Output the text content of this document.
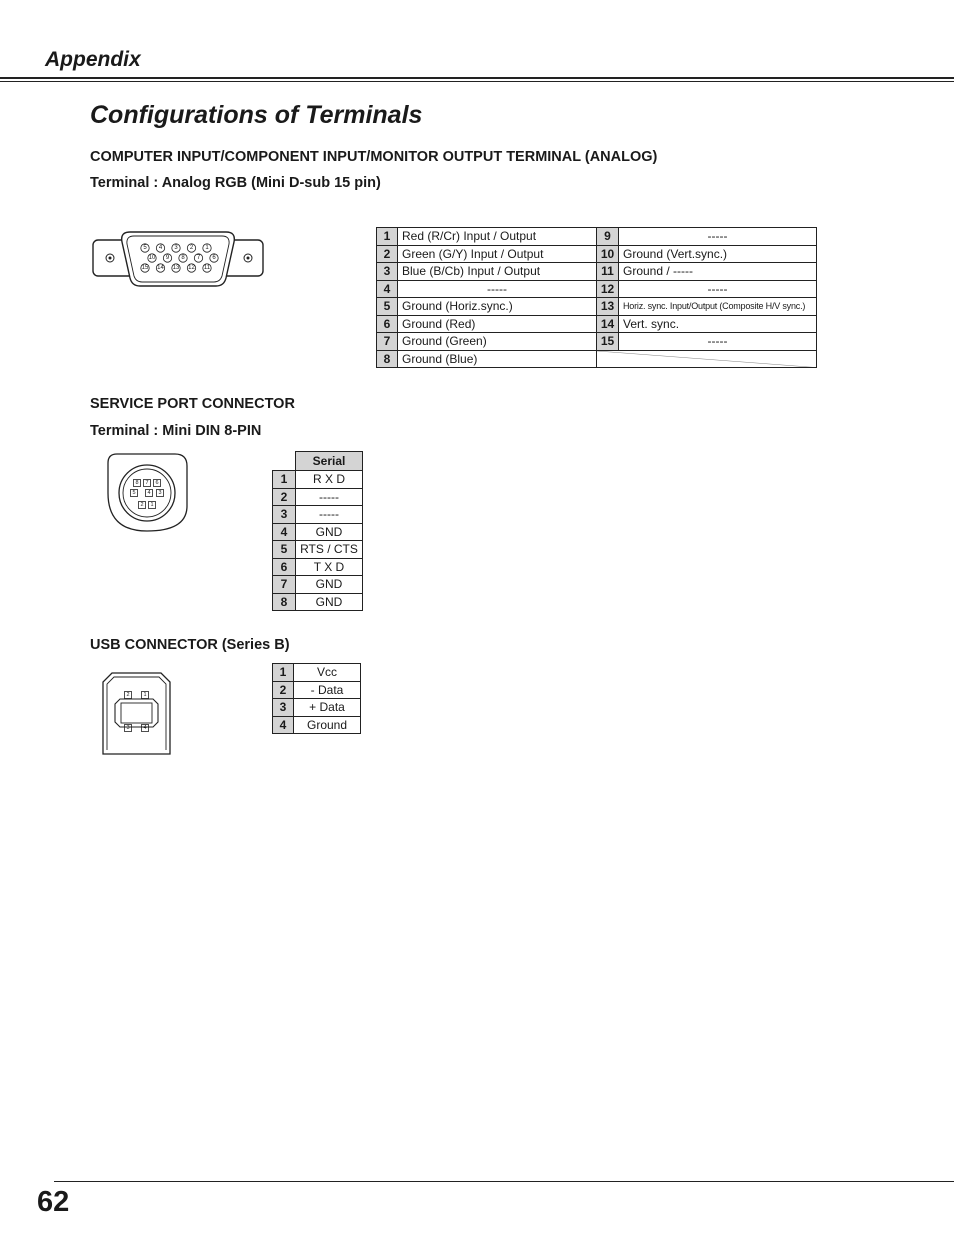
Appendix
Configurations of Terminals
COMPUTER INPUT/COMPONENT INPUT/MONITOR OUTPUT TERMINAL (ANALOG)
Terminal : Analog RGB (Mini D-sub 15 pin)
5 4 3 2 1
10 9 8 7 6
15 14 13 12 11
1	Red (R/Cr) Input / Output	9	-----
2	Green (G/Y) Input / Output	10	Ground (Vert.sync.)
3	Blue (B/Cb) Input / Output	11	Ground / -----
4	-----	12	-----
5	Ground (Horiz.sync.)	13	Horiz. sync. Input/Output (Composite H/V sync.)
6	Ground (Red)	14	Vert. sync.
7	Ground (Green)	15	-----
8	Ground (Blue)	
SERVICE PORT CONNECTOR
Terminal : Mini DIN 8-PIN
8 7 6
5 4 3
2 1
	Serial
1	R X D
2	-----
3	-----
4	GND
5	RTS / CTS
6	T X D
7	GND
8	GND
USB CONNECTOR (Series B)
2	1
3	4
1	Vcc
2	- Data
3	+ Data
4	Ground
62
